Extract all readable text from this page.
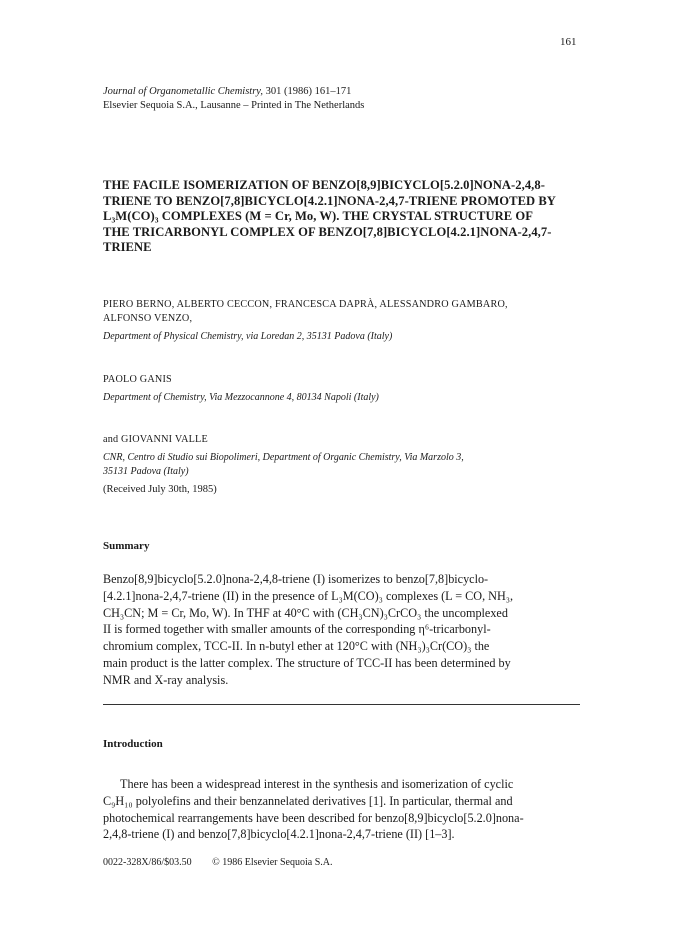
161
Journal of Organometallic Chemistry, 301 (1986) 161–171
Elsevier Sequoia S.A., Lausanne – Printed in The Netherlands
THE FACILE ISOMERIZATION OF BENZO[8,9]BICYCLO[5.2.0]NONA-2,4,8-
TRIENE TO BENZO[7,8]BICYCLO[4.2.1]NONA-2,4,7-TRIENE PROMOTED BY
L₃M(CO)₃ COMPLEXES (M = Cr, Mo, W). THE CRYSTAL STRUCTURE OF
THE TRICARBONYL COMPLEX OF BENZO[7,8]BICYCLO[4.2.1]NONA-2,4,7-
TRIENE
PIERO BERNO, ALBERTO CECCON, FRANCESCA DAPRÀ, ALESSANDRO GAMBARO,
ALFONSO VENZO,
Department of Physical Chemistry, via Loredan 2, 35131 Padova (Italy)
PAOLO GANIS
Department of Chemistry, Via Mezzocannone 4, 80134 Napoli (Italy)
and GIOVANNI VALLE
CNR, Centro di Studio sui Biopolimeri, Department of Organic Chemistry, Via Marzolo 3,
35131 Padova (Italy)
(Received July 30th, 1985)
Summary
Benzo[8,9]bicyclo[5.2.0]nona-2,4,8-triene (I) isomerizes to benzo[7,8]bicyclo-
[4.2.1]nona-2,4,7-triene (II) in the presence of L₃M(CO)₃ complexes (L = CO, NH₃,
CH₃CN; M = Cr, Mo, W). In THF at 40°C with (CH₃CN)₃CrCO₃ the uncomplexed
II is formed together with smaller amounts of the corresponding η⁶-tricarbonyl-
chromium complex, TCC-II. In n-butyl ether at 120°C with (NH₃)₃Cr(CO)₃ the
main product is the latter complex. The structure of TCC-II has been determined by
NMR and X-ray analysis.
Introduction
There has been a widespread interest in the synthesis and isomerization of cyclic
C₉H₁₀ polyolefins and their benzannelated derivatives [1]. In particular, thermal and
photochemical rearrangements have been described for benzo[8,9]bicyclo[5.2.0]nona-
2,4,8-triene (I) and benzo[7,8]bicyclo[4.2.1]nona-2,4,7-triene (II) [1–3].
0022-328X/86/$03.50 © 1986 Elsevier Sequoia S.A.
